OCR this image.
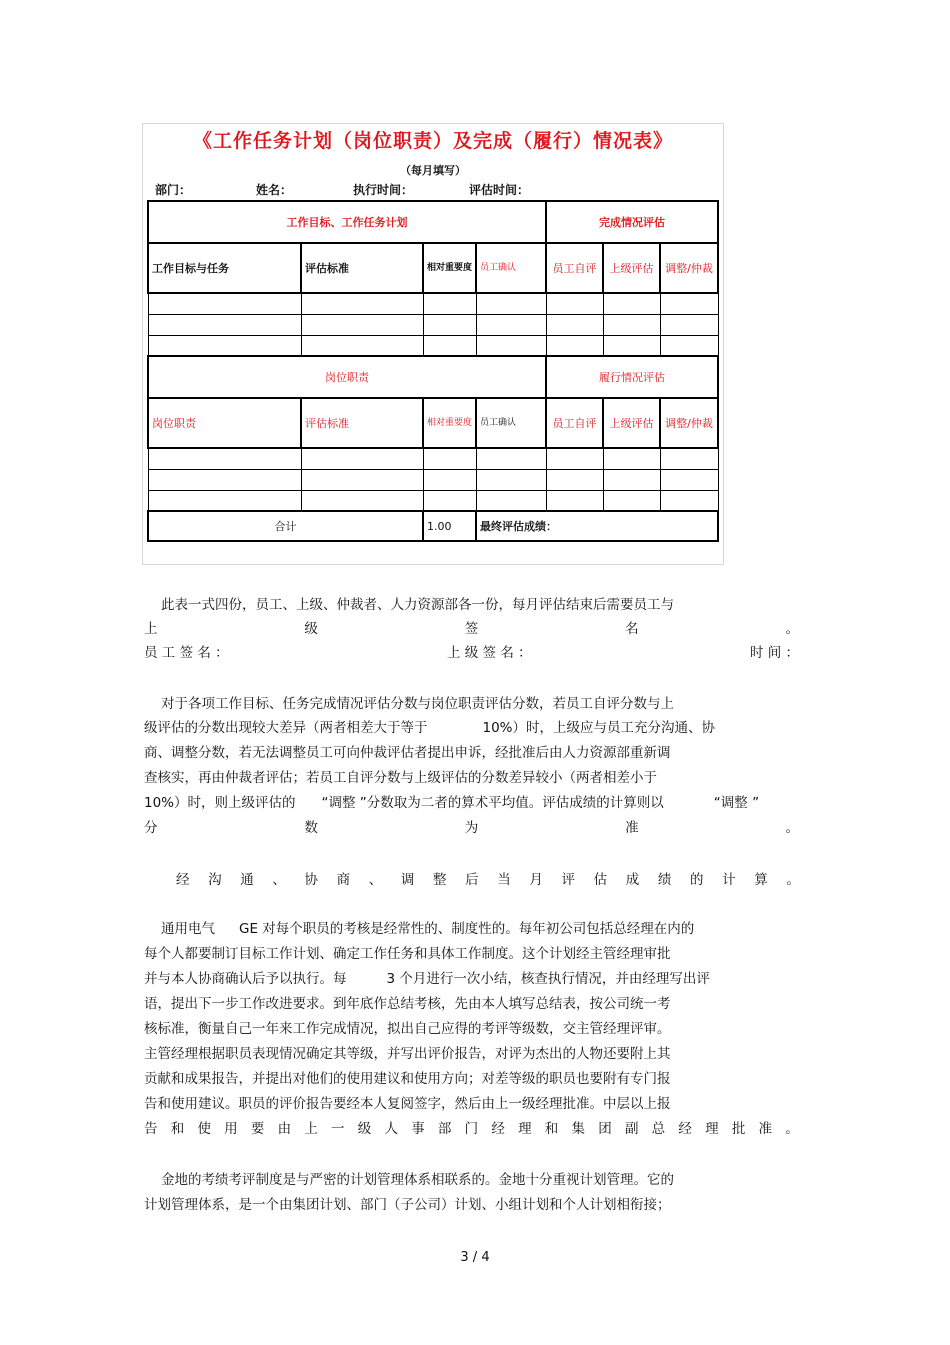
《工作任务计划（岗位职责）及完成（履行）情况表》
（每月填写）
部门：	姓名：	执行时间：	评估时间：
工作目标、工作任务计划				完成情况评估		
工作目标与任务	评估标准	相对重要度	员工确认	员工自评	上级评估	调整/仲裁

岗位职责				履行情况评估		
岗位职责	评估标准	相对重要度	员工确认	员工自评	上级评估	调整/仲裁

合计		1.00	最终评估成绩：			
此表一式四份，员工、上级、仲裁者、人力资源部各一份，每月评估结束后需要员工与
上	级	签	名	。
员 工 签 名 ：	上 级 签 名 ：	时 间 ：
对于各项工作目标、任务完成情况评估分数与岗位职责评估分数，若员工自评分数与上
级评估的分数出现较大差异（两者相差大于等于	10%）时，上级应与员工充分沟通、协
商、调整分数，若无法调整员工可向仲裁评估者提出申诉，经批准后由人力资源部重新调
查核实，再由仲裁者评估；若员工自评分数与上级评估的分数差异较小（两者相差小于
10%）时，则上级评估的 “调整 ”分数取为二者的算术平均值。评估成绩的计算则以	“调整 ”
分	数	为	准	。
经 沟 通 、 协 商 、 调 整 后 当 月 评 估 成 绩 的 计 算 。
通用电气 GE 对每个职员的考核是经常性的、制度性的。每年初公司包括总经理在内的
每个人都要制订目标工作计划、确定工作任务和具体工作制度。这个计划经主管经理审批
并与本人协商确认后予以执行。每	3 个月进行一次小结，核查执行情况，并由经理写出评
语，提出下一步工作改进要求。到年底作总结考核，先由本人填写总结表，按公司统一考
核标准，衡量自己一年来工作完成情况，拟出自己应得的考评等级数，交主管经理评审。
主管经理根据职员表现情况确定其等级，并写出评价报告，对评为杰出的人物还要附上其
贡献和成果报告，并提出对他们的使用建议和使用方向；对差等级的职员也要附有专门报
告和使用建议。职员的评价报告要经本人复阅签字，然后由上一级经理批准。中层以上报
告 和 使 用 要 由 上 一 级 人 事 部 门 经 理 和 集 团 副 总 经 理 批 准 。
金地的考绩考评制度是与严密的计划管理体系相联系的。金地十分重视计划管理。它的
计划管理体系，是一个由集团计划、部门（子公司）计划、小组计划和个人计划相衔接；
3 / 4
